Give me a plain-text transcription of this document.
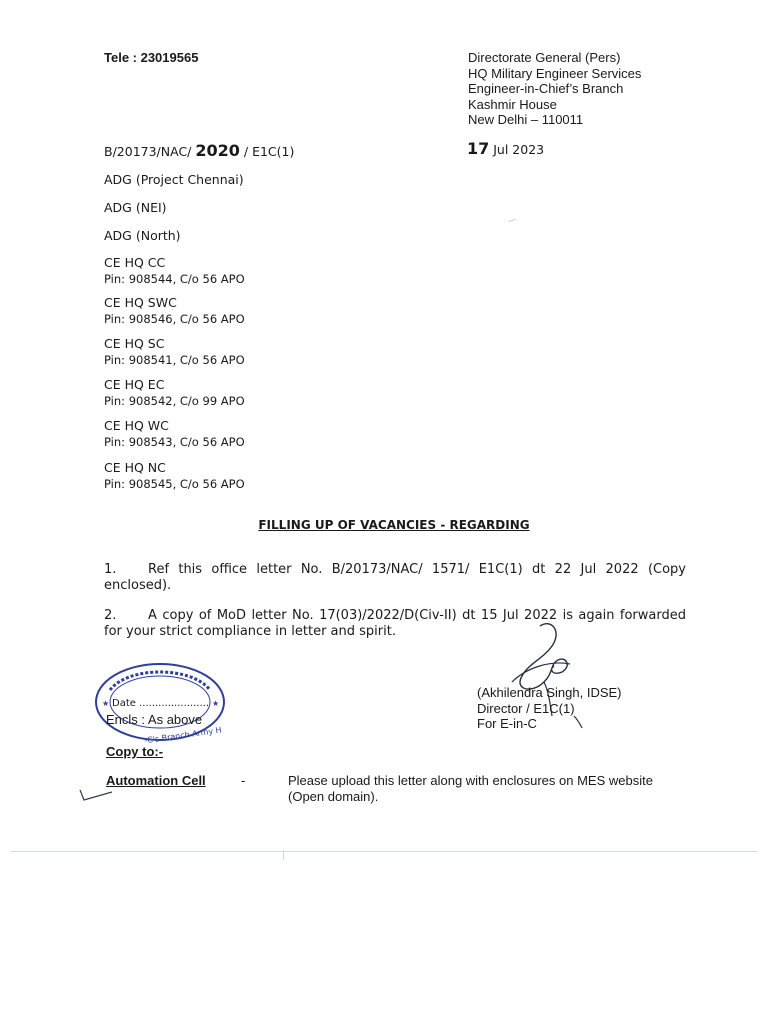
Tele : 23019565	Directorate General (Pers)
HQ Military Engineer Services
Engineer-in-Chief’s Branch
Kashmir House
New Delhi – 110011
B/20173/NAC/ 2020 / E1C(1)	17 Jul 2023
ADG (Project Chennai)
ADG (NEI)
ADG (North)
CE HQ CC
Pin: 908544, C/o 56 APO
CE HQ SWC
Pin: 908546, C/o 56 APO
CE HQ SC
Pin: 908541, C/o 56 APO
CE HQ EC
Pin: 908542, C/o 99 APO
CE HQ WC
Pin: 908543, C/o 56 APO
CE HQ NC
Pin: 908545, C/o 56 APO
FILLING UP OF VACANCIES - REGARDING
1. Ref this office letter No. B/20173/NAC/ 1571/ E1C(1) dt 22 Jul 2022 (Copy enclosed).
2. A copy of MoD letter No. 17(03)/2022/D(Civ-II) dt 15 Jul 2022 is again forwarded for your strict compliance in letter and spirit.
(Akhilendra Singh, IDSE)
Director / E1C(1)
For E-in-C
★	★
-C's Branch Army H
Date ......................
Encls : As above
Copy to:-
Automation Cell	-	Please upload this letter along with enclosures on MES website (Open domain).
